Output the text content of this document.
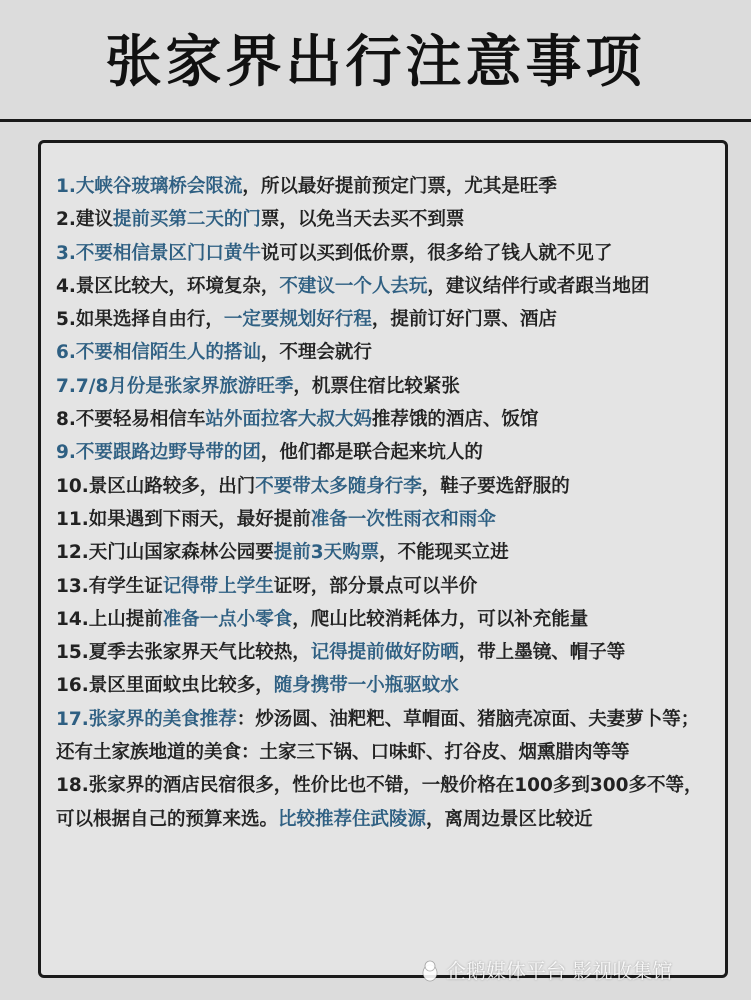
张家界出行注意事项
1.大峡谷玻璃桥会限流，所以最好提前预定门票，尤其是旺季
2.建议提前买第二天的门票，以免当天去买不到票
3.不要相信景区门口黄牛说可以买到低价票，很多给了钱人就不见了
4.景区比较大，环境复杂，不建议一个人去玩，建议结伴行或者跟当地团
5.如果选择自由行，一定要规划好行程，提前订好门票、酒店
6.不要相信陌生人的搭讪，不理会就行
7.7/8月份是张家界旅游旺季，机票住宿比较紧张
8.不要轻易相信车站外面拉客大叔大妈推荐饿的酒店、饭馆
9.不要跟路边野导带的团，他们都是联合起来坑人的
10.景区山路较多，出门不要带太多随身行李，鞋子要选舒服的
11.如果遇到下雨天，最好提前准备一次性雨衣和雨伞
12.天门山国家森林公园要提前3天购票，不能现买立进
13.有学生证记得带上学生证呀，部分景点可以半价
14.上山提前准备一点小零食，爬山比较消耗体力，可以补充能量
15.夏季去张家界天气比较热，记得提前做好防晒，带上墨镜、帽子等
16.景区里面蚊虫比较多，随身携带一小瓶驱蚊水
17.张家界的美食推荐：炒汤圆、油粑粑、草帽面、猪脑壳凉面、夫妻萝卜等；还有土家族地道的美食：土家三下锅、口味虾、打谷皮、烟熏腊肉等等
18.张家界的酒店民宿很多，性价比也不错，一般价格在100多到300多不等，可以根据自己的预算来选。比较推荐住武陵源，离周边景区比较近
企鹅媒体平台 影视收集馆
